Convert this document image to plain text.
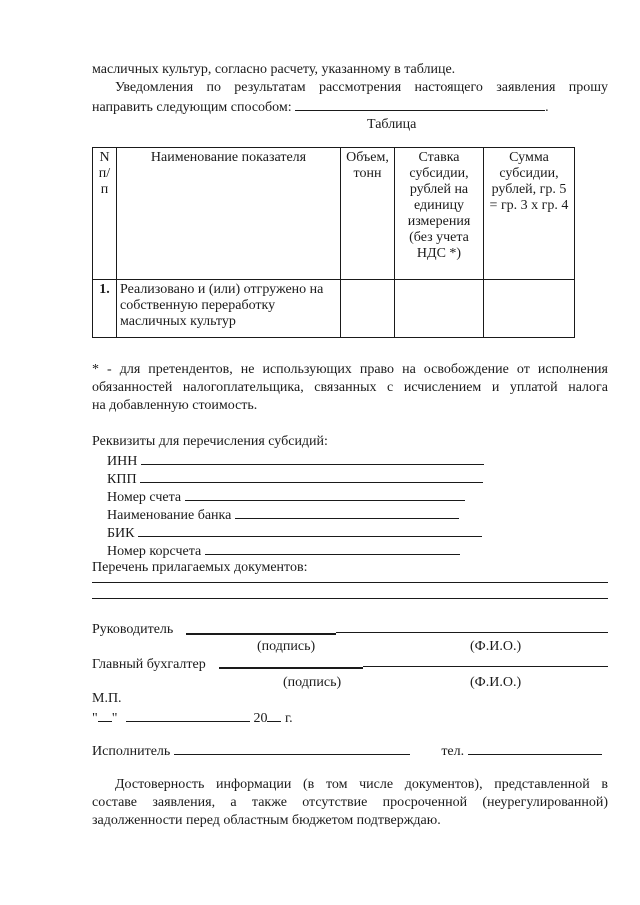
масличных культур, согласно расчету, указанному в таблице.
Уведомления по результатам рассмотрения настоящего заявления прошу
направить следующим способом:	.
Таблица
N п/п	Наименование показателя	Объем, тонн	Ставка субсидии, рублей на единицу измерения (без учета НДС *)	Сумма субсидии, рублей, гр. 5 = гр. 3 x гр. 4
1.	Реализовано и (или) отгружено на собственную переработку масличных культур			
* - для претендентов, не использующих право на освобождение от исполнения
обязанностей налогоплательщика, связанных с исчислением и уплатой налога
на добавленную стоимость.
Реквизиты для перечисления субсидий:
ИНН
КПП
Номер счета
Наименование банка
БИК
Номер корсчета
Перечень прилагаемых документов:
Руководитель
(подпись)	(Ф.И.О.)
Главный бухгалтер
(подпись)	(Ф.И.О.)
М.П.
" "	20 г.
Исполнитель	тел.
Достоверность информации (в том числе документов), представленной в
составе заявления, а также отсутствие просроченной (неурегулированной)
задолженности перед областным бюджетом подтверждаю.
